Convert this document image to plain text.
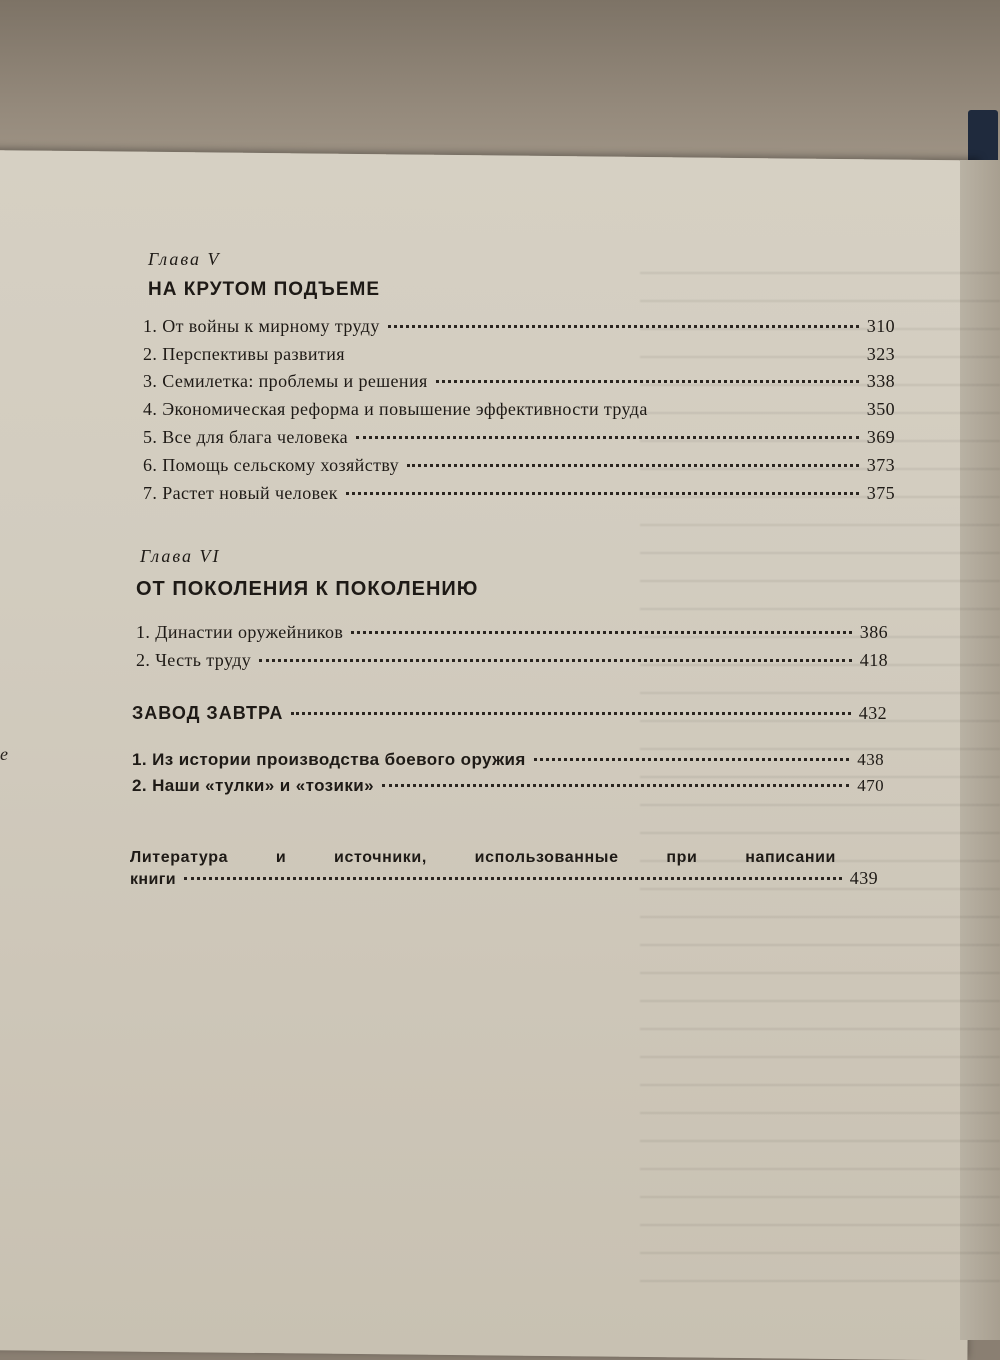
Глава V
НА КРУТОМ ПОДЪЕМЕ
1. От войны к мирному труду	310
2. Перспективы развития	323
3. Семилетка: проблемы и решения	338
4. Экономическая реформа и повышение эффективности труда	350
5. Все для блага человека	369
6. Помощь сельскому хозяйству	373
7. Растет новый человек	375
Глава VI
ОТ ПОКОЛЕНИЯ К ПОКОЛЕНИЮ
1. Династии оружейников	386
2. Честь труду	418
ЗАВОД ЗАВТРА	432
1. Из истории производства боевого оружия	438
2. Наши «тулки» и «тозики»	470
Литература и источники, использованные при написании
книги	439
е
